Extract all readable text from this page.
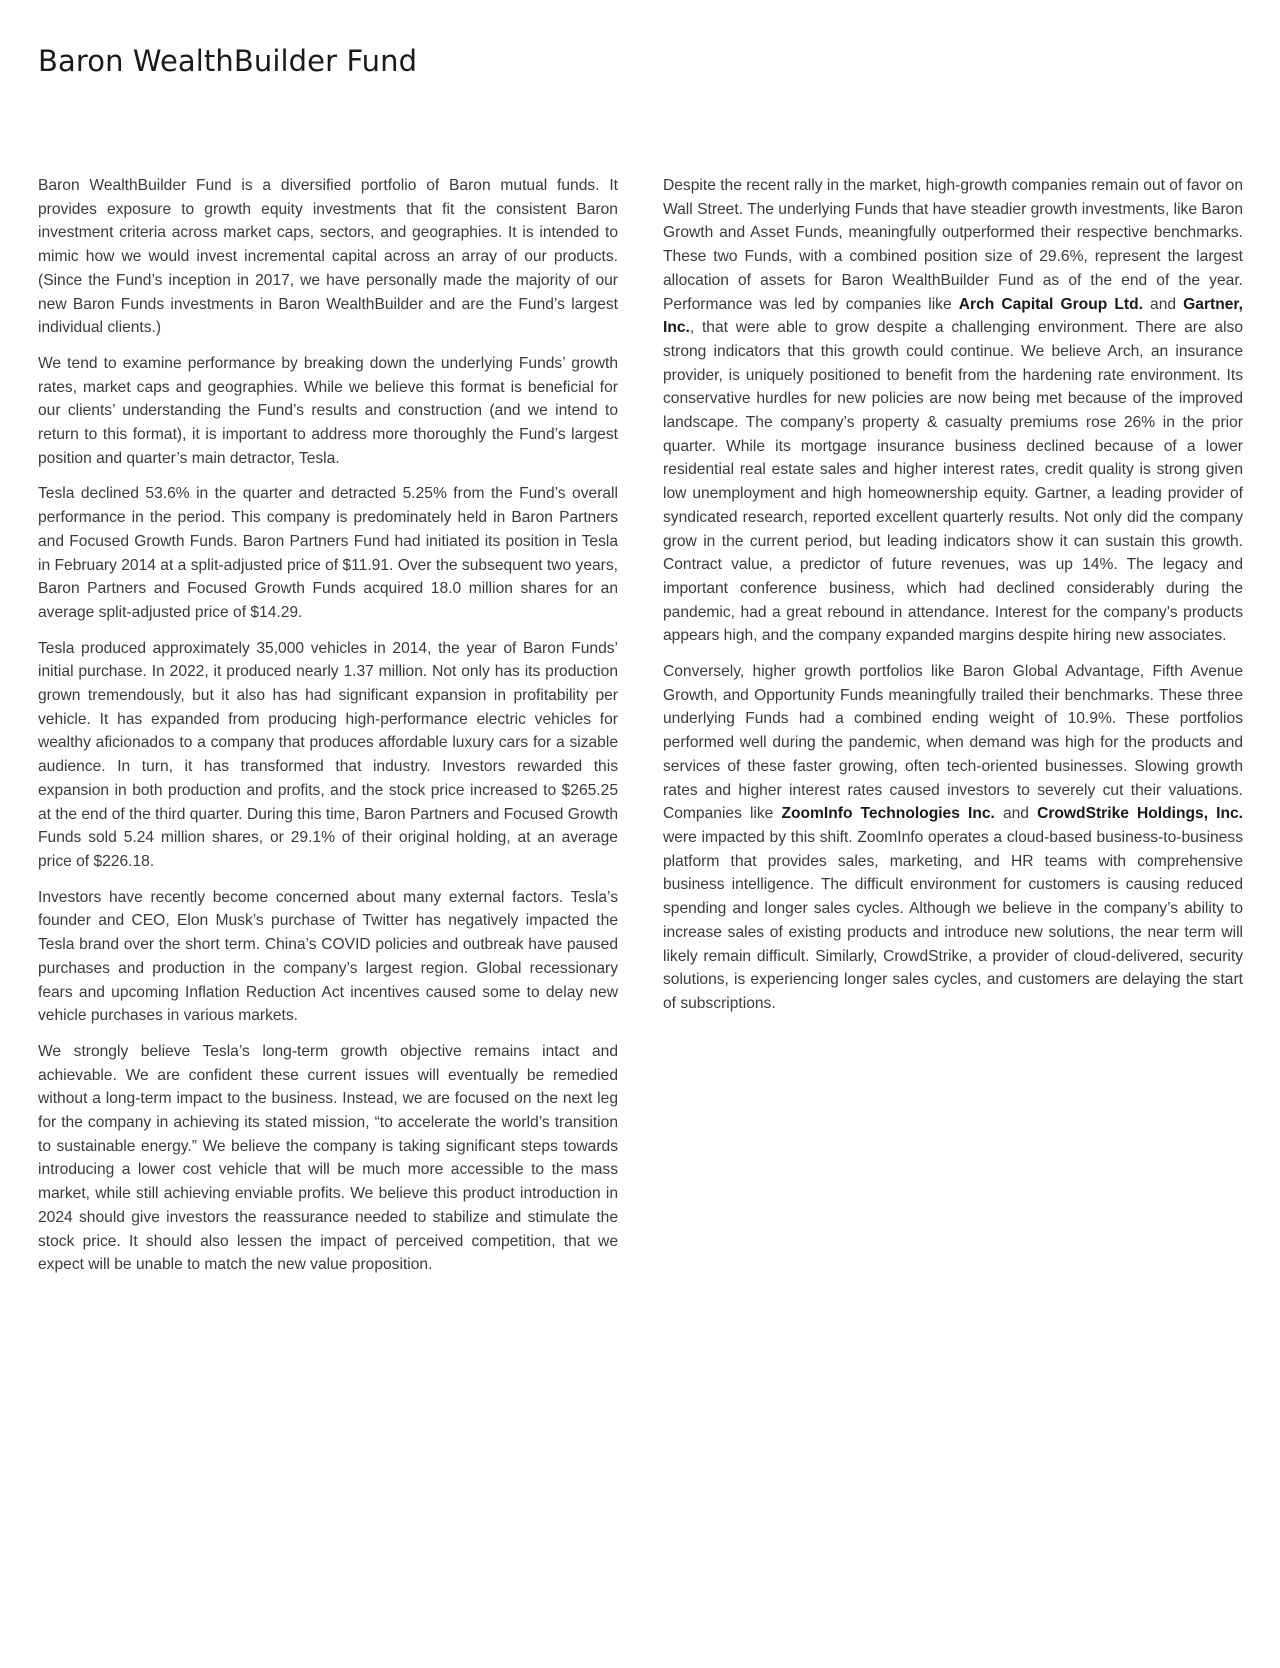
Baron WealthBuilder Fund

Baron WealthBuilder Fund is a diversified portfolio of Baron mutual funds. It provides exposure to growth equity investments that fit the consistent Baron investment criteria across market caps, sectors, and geographies. It is intended to mimic how we would invest incremental capital across an array of our products. (Since the Fund’s inception in 2017, we have personally made the majority of our new Baron Funds investments in Baron WealthBuilder and are the Fund’s largest individual clients.)

We tend to examine performance by breaking down the underlying Funds’ growth rates, market caps and geographies. While we believe this format is beneficial for our clients’ understanding the Fund’s results and construction (and we intend to return to this format), it is important to address more thoroughly the Fund’s largest position and quarter’s main detractor, Tesla.

Tesla declined 53.6% in the quarter and detracted 5.25% from the Fund’s overall performance in the period. This company is predominately held in Baron Partners and Focused Growth Funds. Baron Partners Fund had initiated its position in Tesla in February 2014 at a split-adjusted price of $11.91. Over the subsequent two years, Baron Partners and Focused Growth Funds acquired 18.0 million shares for an average split-adjusted price of $14.29.

Tesla produced approximately 35,000 vehicles in 2014, the year of Baron Funds’ initial purchase. In 2022, it produced nearly 1.37 million. Not only has its production grown tremendously, but it also has had significant expansion in profitability per vehicle. It has expanded from producing high-performance electric vehicles for wealthy aficionados to a company that produces affordable luxury cars for a sizable audience. In turn, it has transformed that industry. Investors rewarded this expansion in both production and profits, and the stock price increased to $265.25 at the end of the third quarter. During this time, Baron Partners and Focused Growth Funds sold 5.24 million shares, or 29.1% of their original holding, at an average price of $226.18.

Investors have recently become concerned about many external factors. Tesla’s founder and CEO, Elon Musk’s purchase of Twitter has negatively impacted the Tesla brand over the short term. China’s COVID policies and outbreak have paused purchases and production in the company’s largest region. Global recessionary fears and upcoming Inflation Reduction Act incentives caused some to delay new vehicle purchases in various markets.

We strongly believe Tesla’s long-term growth objective remains intact and achievable. We are confident these current issues will eventually be remedied without a long-term impact to the business. Instead, we are focused on the next leg for the company in achieving its stated mission, “to accelerate the world’s transition to sustainable energy.” We believe the company is taking significant steps towards introducing a lower cost vehicle that will be much more accessible to the mass market, while still achieving enviable profits. We believe this product introduction in 2024 should give investors the reassurance needed to stabilize and stimulate the stock price. It should also lessen the impact of perceived competition, that we expect will be unable to match the new value proposition.

Despite the recent rally in the market, high-growth companies remain out of favor on Wall Street. The underlying Funds that have steadier growth investments, like Baron Growth and Asset Funds, meaningfully outperformed their respective benchmarks. These two Funds, with a combined position size of 29.6%, represent the largest allocation of assets for Baron WealthBuilder Fund as of the end of the year. Performance was led by companies like Arch Capital Group Ltd. and Gartner, Inc., that were able to grow despite a challenging environment. There are also strong indicators that this growth could continue. We believe Arch, an insurance provider, is uniquely positioned to benefit from the hardening rate environment. Its conservative hurdles for new policies are now being met because of the improved landscape. The company’s property & casualty premiums rose 26% in the prior quarter. While its mortgage insurance business declined because of a lower residential real estate sales and higher interest rates, credit quality is strong given low unemployment and high homeownership equity. Gartner, a leading provider of syndicated research, reported excellent quarterly results. Not only did the company grow in the current period, but leading indicators show it can sustain this growth. Contract value, a predictor of future revenues, was up 14%. The legacy and important conference business, which had declined considerably during the pandemic, had a great rebound in attendance. Interest for the company’s products appears high, and the company expanded margins despite hiring new associates.

Conversely, higher growth portfolios like Baron Global Advantage, Fifth Avenue Growth, and Opportunity Funds meaningfully trailed their benchmarks. These three underlying Funds had a combined ending weight of 10.9%. These portfolios performed well during the pandemic, when demand was high for the products and services of these faster growing, often tech-oriented businesses. Slowing growth rates and higher interest rates caused investors to severely cut their valuations. Companies like ZoomInfo Technologies Inc. and CrowdStrike Holdings, Inc. were impacted by this shift. ZoomInfo operates a cloud-based business-to-business platform that provides sales, marketing, and HR teams with comprehensive business intelligence. The difficult environment for customers is causing reduced spending and longer sales cycles. Although we believe in the company’s ability to increase sales of existing products and introduce new solutions, the near term will likely remain difficult. Similarly, CrowdStrike, a provider of cloud-delivered, security solutions, is experiencing longer sales cycles, and customers are delaying the start of subscriptions.
